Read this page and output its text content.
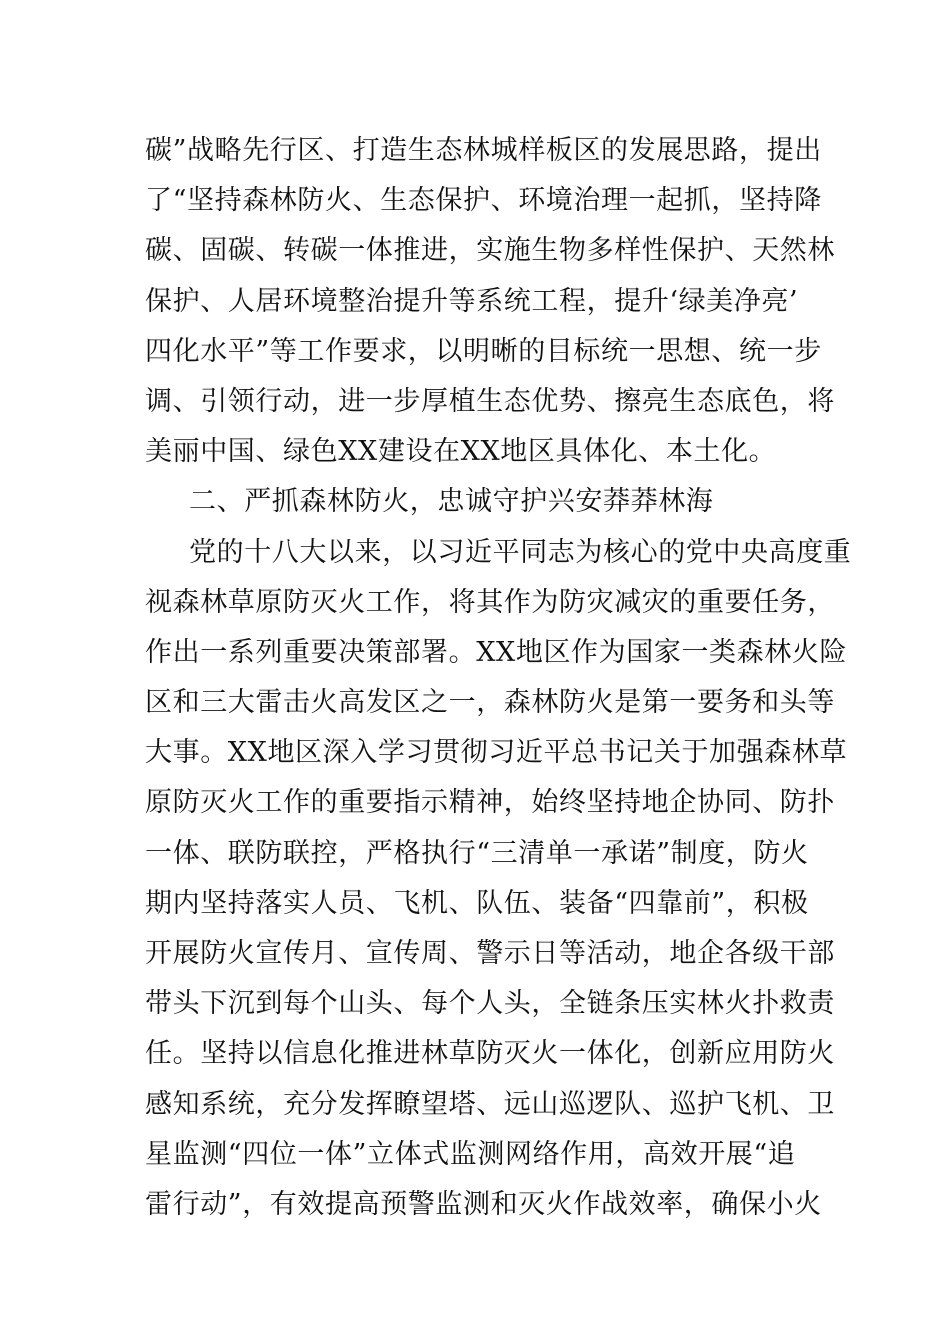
碳”战略先行区、打造生态林城样板区的发展思路，提出
了“坚持森林防火、生态保护、环境治理一起抓，坚持降
碳、固碳、转碳一体推进，实施生物多样性保护、天然林
保护、人居环境整治提升等系统工程，提升‘绿美净亮’
四化水平”等工作要求，以明晰的目标统一思想、统一步
调、引领行动，进一步厚植生态优势、擦亮生态底色，将
美丽中国、绿色XX建设在XX地区具体化、本土化。
二、严抓森林防火，忠诚守护兴安莽莽林海
党的十八大以来，以习近平同志为核心的党中央高度重
视森林草原防灭火工作，将其作为防灾减灾的重要任务，
作出一系列重要决策部署。XX地区作为国家一类森林火险
区和三大雷击火高发区之一，森林防火是第一要务和头等
大事。XX地区深入学习贯彻习近平总书记关于加强森林草
原防灭火工作的重要指示精神，始终坚持地企协同、防扑
一体、联防联控，严格执行“三清单一承诺”制度，防火
期内坚持落实人员、飞机、队伍、装备“四靠前”，积极
开展防火宣传月、宣传周、警示日等活动，地企各级干部
带头下沉到每个山头、每个人头，全链条压实林火扑救责
任。坚持以信息化推进林草防灭火一体化，创新应用防火
感知系统，充分发挥瞭望塔、远山巡逻队、巡护飞机、卫
星监测“四位一体”立体式监测网络作用，高效开展“追
雷行动”，有效提高预警监测和灭火作战效率，确保小火
